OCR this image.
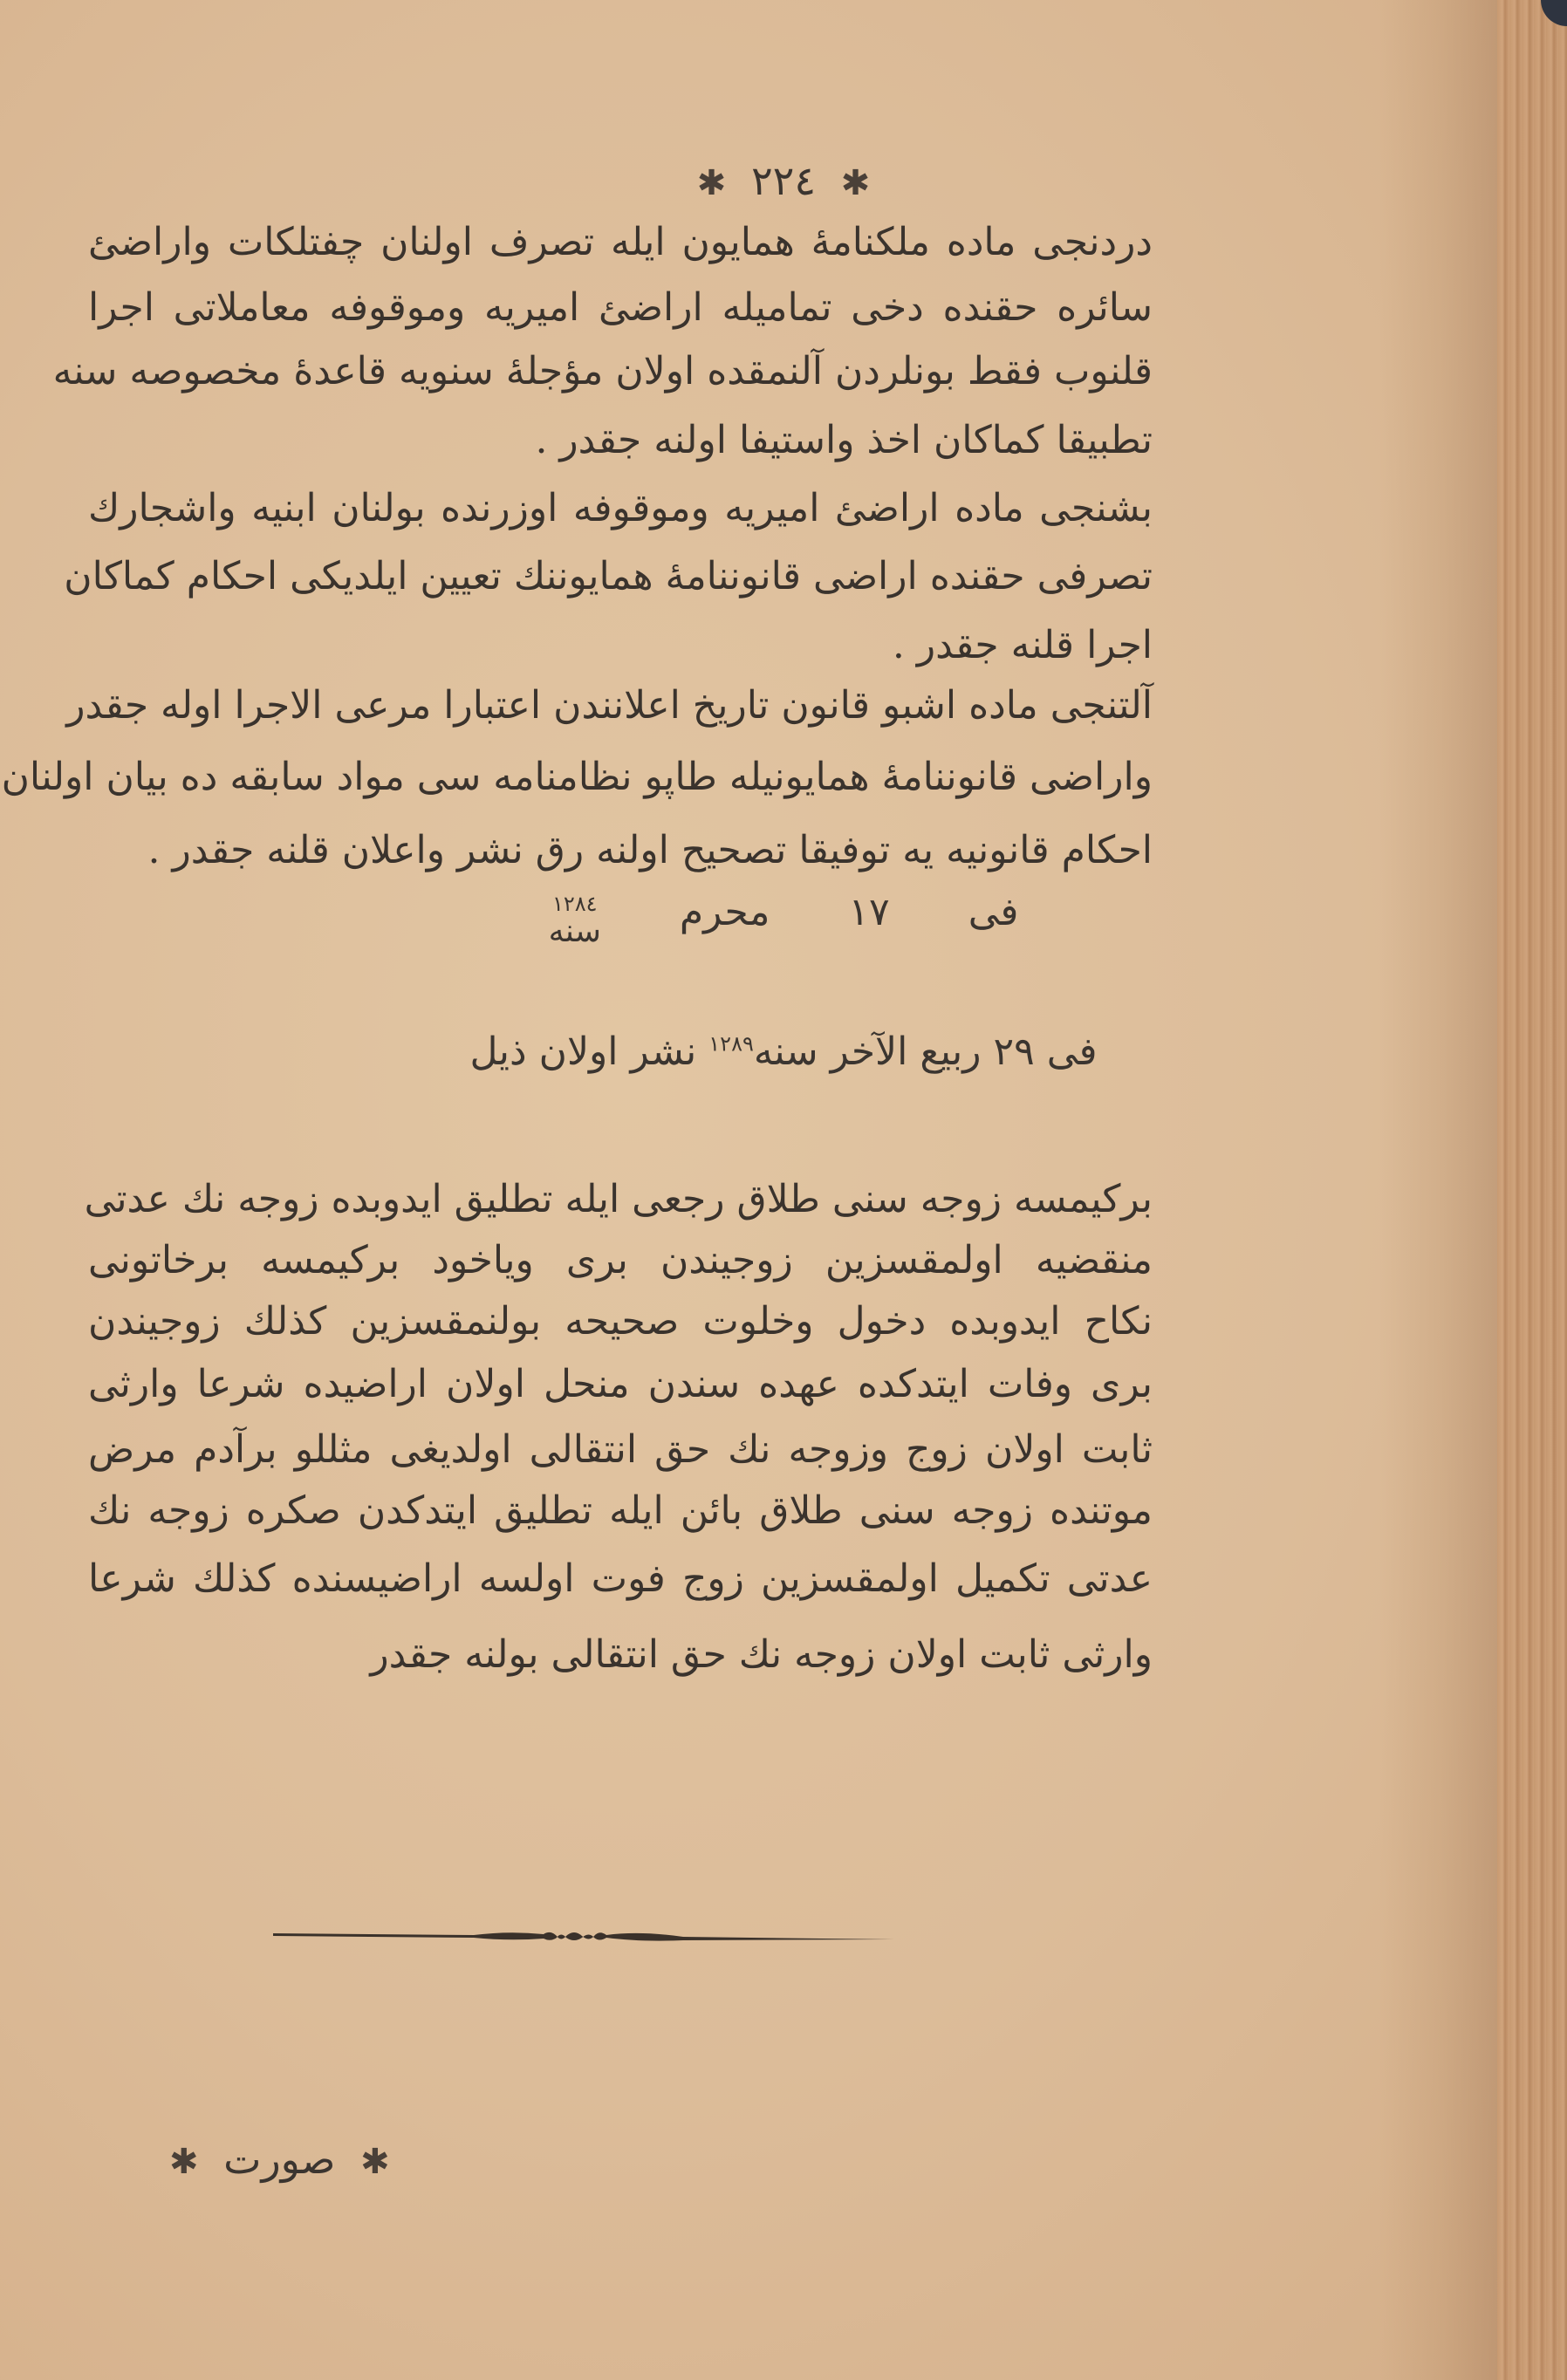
✱ ٢٢٤ ✱
دردنجی ماده ملكنامهٔ همایون ایله تصرف اولنان چفتلكات واراضئ
سائره حقنده دخی تماميله اراضئ اميريه وموقوفه معاملاتی اجرا
قلنوب فقط بونلردن آلنمقده اولان مؤجلهٔ سنويه قاعدهٔ مخصوصه سنه
تطبيقا كماكان اخذ واستيفا اولنه جقدر .
بشنجی ماده اراضئ اميريه وموقوفه اوزرنده بولنان ابنيه واشجارك
تصرفی حقنده اراضی قانوننامهٔ همايوننك تعيين ايلديكی احكام كماكان
اجرا قلنه جقدر .
آلتنجی ماده اشبو قانون تاريخ اعلانندن اعتبارا مرعی الاجرا اوله جقدر
واراضی قانوننامهٔ همايونيله طاپو نظامنامه سی مواد سابقه ده بيان اولنان
احكام قانونيه يه توفيقا تصحيح اولنه رق نشر واعلان قلنه جقدر .
فی ١٧ محرم
١٢٨٤
سنه
فی ٢٩ ربيع الآخر سنه$^{١٢٨٩}$ نشر اولان ذيل
بركيمسه زوجه سنی طلاق رجعی ايله تطليق ايدوبده زوجه نك عدتی
منقضيه اولمقسزين زوجيندن بری وياخود بركيمسه برخاتونی
نكاح ايدوبده دخول وخلوت صحيحه بولنمقسزين كذلك زوجيندن
بری وفات ايتدكده عهده سندن منحل اولان اراضيده شرعا وارثی
ثابت اولان زوج وزوجه نك حق انتقالی اولديغی مثللو برآدم مرض
موتنده زوجه سنی طلاق بائن ايله تطليق ايتدكدن صكره زوجه نك
عدتی تكميل اولمقسزين زوج فوت اولسه اراضيسنده كذلك شرعا
وارثی ثابت اولان زوجه نك حق انتقالی بولنه جقدر
✱ صورت ✱
